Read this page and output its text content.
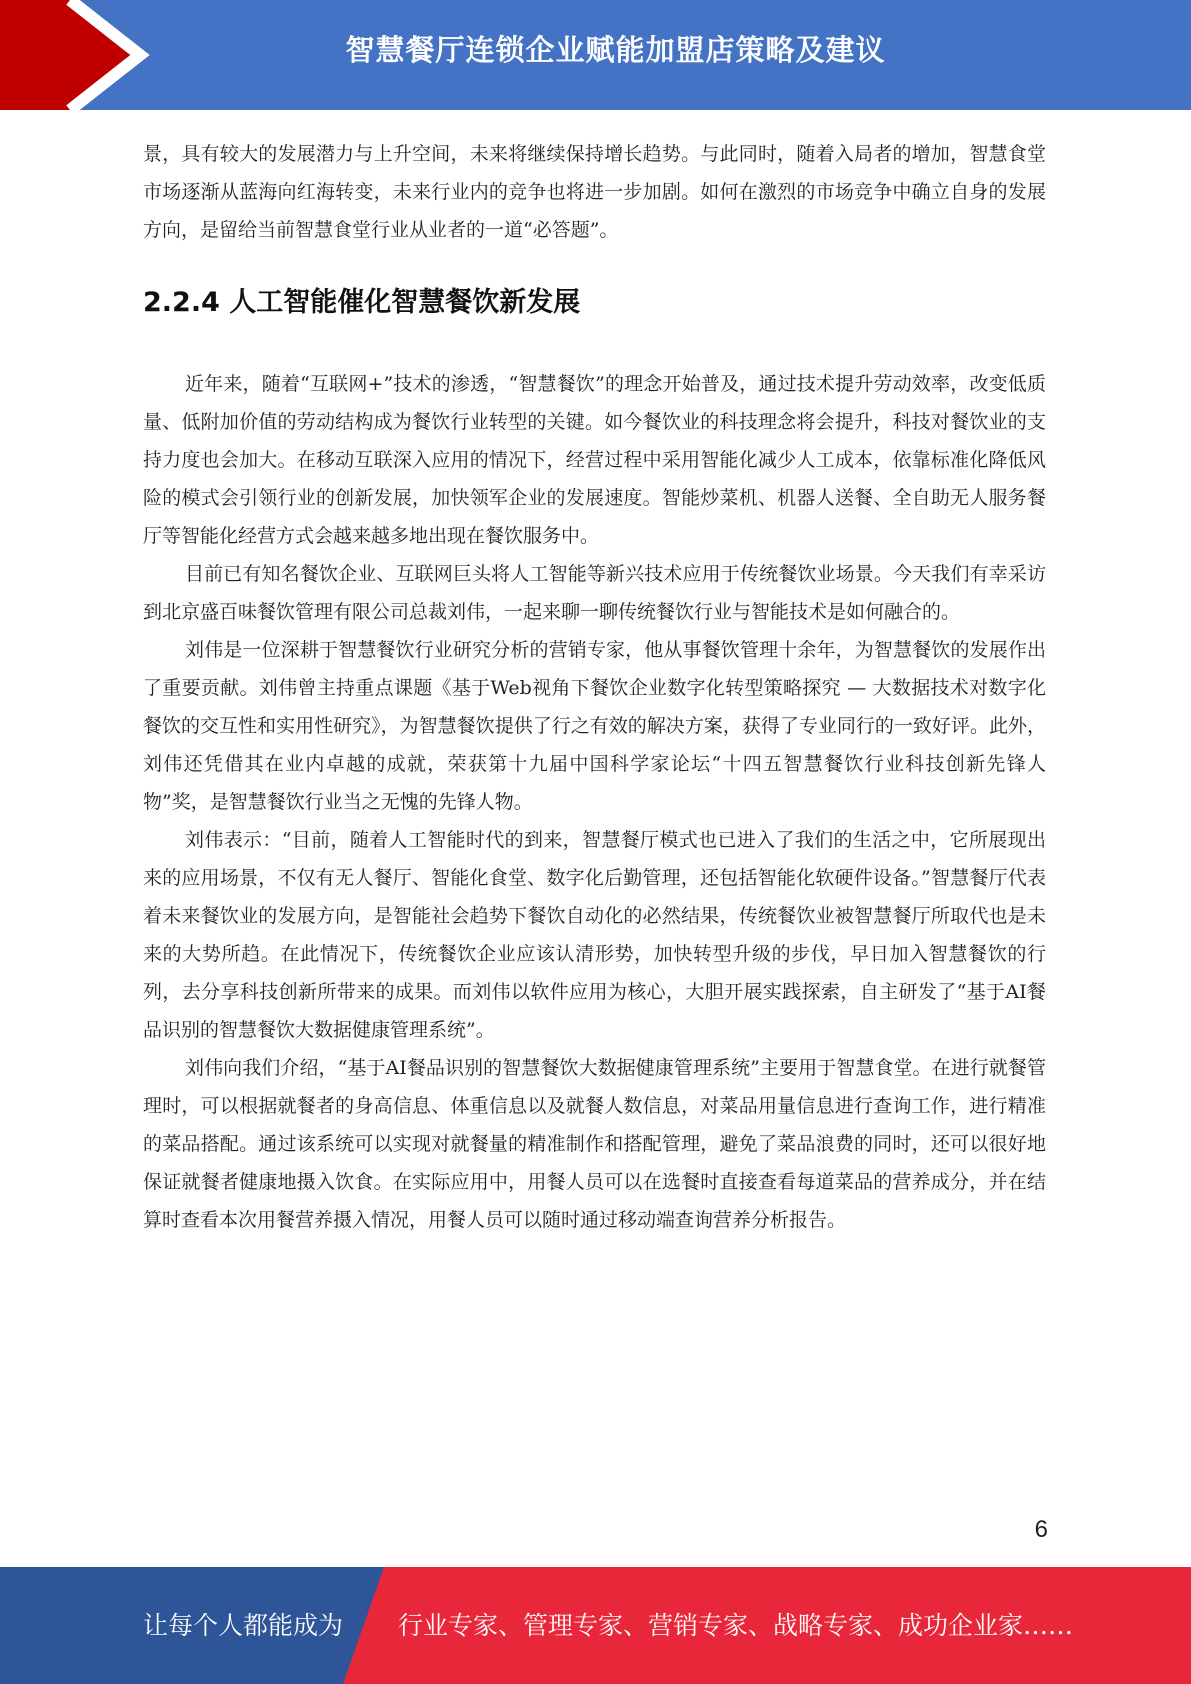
智慧餐厅连锁企业赋能加盟店策略及建议

景，具有较大的发展潜力与上升空间，未来将继续保持增长趋势。与此同时，随着入局者的增加，智慧食堂市场逐渐从蓝海向红海转变，未来行业内的竞争也将进一步加剧。如何在激烈的市场竞争中确立自身的发展方向，是留给当前智慧食堂行业从业者的一道“必答题”。

2.2.4 人工智能催化智慧餐饮新发展

近年来，随着“互联网+”技术的渗透，“智慧餐饮”的理念开始普及，通过技术提升劳动效率，改变低质量、低附加价值的劳动结构成为餐饮行业转型的关键。如今餐饮业的科技理念将会提升，科技对餐饮业的支持力度也会加大。在移动互联深入应用的情况下，经营过程中采用智能化减少人工成本，依靠标准化降低风险的模式会引领行业的创新发展，加快领军企业的发展速度。智能炒菜机、机器人送餐、全自助无人服务餐厅等智能化经营方式会越来越多地出现在餐饮服务中。

目前已有知名餐饮企业、互联网巨头将人工智能等新兴技术应用于传统餐饮业场景。今天我们有幸采访到北京盛百味餐饮管理有限公司总裁刘伟，一起来聊一聊传统餐饮行业与智能技术是如何融合的。

刘伟是一位深耕于智慧餐饮行业研究分析的营销专家，他从事餐饮管理十余年，为智慧餐饮的发展作出了重要贡献。刘伟曾主持重点课题《基于Web视角下餐饮企业数字化转型策略探究 — 大数据技术对数字化餐饮的交互性和实用性研究》，为智慧餐饮提供了行之有效的解决方案，获得了专业同行的一致好评。此外，刘伟还凭借其在业内卓越的成就，荣获第十九届中国科学家论坛“十四五智慧餐饮行业科技创新先锋人物”奖，是智慧餐饮行业当之无愧的先锋人物。

刘伟表示：“目前，随着人工智能时代的到来，智慧餐厅模式也已进入了我们的生活之中，它所展现出来的应用场景，不仅有无人餐厅、智能化食堂、数字化后勤管理，还包括智能化软硬件设备。”智慧餐厅代表着未来餐饮业的发展方向，是智能社会趋势下餐饮自动化的必然结果，传统餐饮业被智慧餐厅所取代也是未来的大势所趋。在此情况下，传统餐饮企业应该认清形势，加快转型升级的步伐，早日加入智慧餐饮的行列，去分享科技创新所带来的成果。而刘伟以软件应用为核心，大胆开展实践探索，自主研发了“基于AI餐品识别的智慧餐饮大数据健康管理系统”。

刘伟向我们介绍，“基于AI餐品识别的智慧餐饮大数据健康管理系统”主要用于智慧食堂。在进行就餐管理时，可以根据就餐者的身高信息、体重信息以及就餐人数信息，对菜品用量信息进行查询工作，进行精准的菜品搭配。通过该系统可以实现对就餐量的精准制作和搭配管理，避免了菜品浪费的同时，还可以很好地保证就餐者健康地摄入饮食。在实际应用中，用餐人员可以在选餐时直接查看每道菜品的营养成分，并在结算时查看本次用餐营养摄入情况，用餐人员可以随时通过移动端查询营养分析报告。

6
让每个人都能成为 行业专家、管理专家、营销专家、战略专家、成功企业家……
